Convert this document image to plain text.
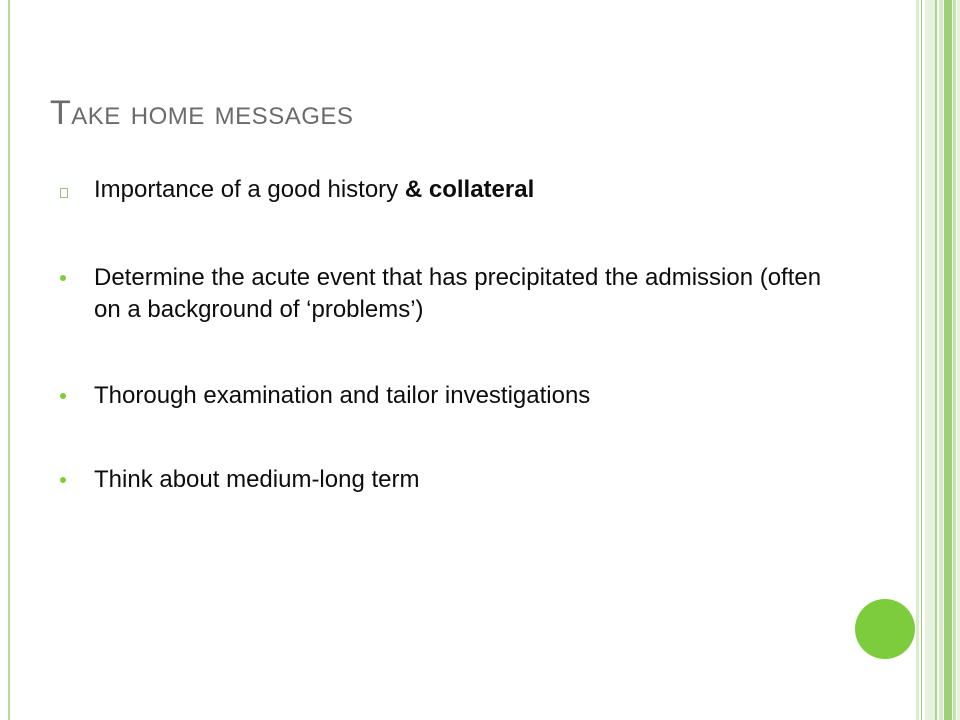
Take home messages
Importance of a good history & collateral
Determine the acute event that has precipitated the admission (often on a background of ‘problems’)
Thorough examination and tailor investigations
Think about medium-long term
